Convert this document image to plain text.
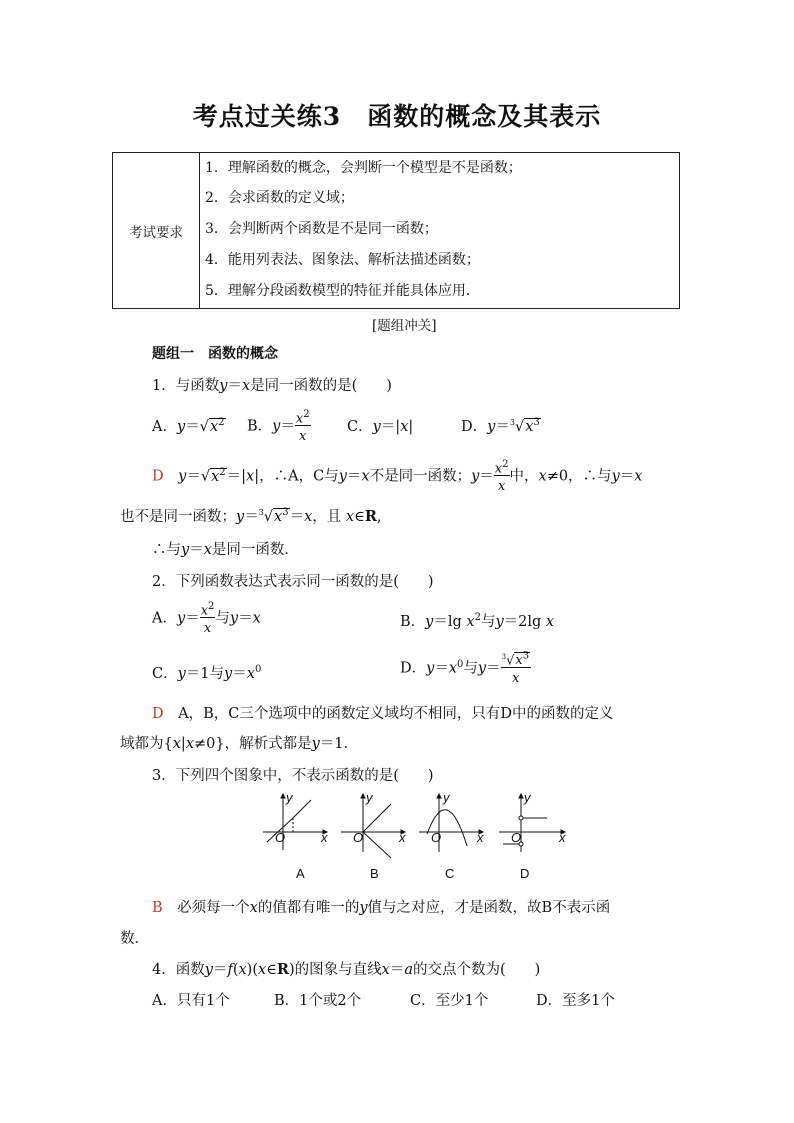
考点过关练3　函数的概念及其表示
考试要求
1．理解函数的概念，会判断一个模型是不是函数；
2．会求函数的定义域；
3．会判断两个函数是不是同一函数；
4．能用列表法、图象法、解析法描述函数；
5．理解分段函数模型的特征并能具体应用．
[题组冲关]
题组一　函数的概念
1．与函数y＝x是同一函数的是(　　)
A．$y=√x^2$ B．$y= \frac{x^2}{x}$	C．y＝|x|	D．$y=^3√x^3$
D　 $y=√x^2=|x|$，∴A，C与y＝x不是同一函数；$y= \frac{x^2}{x}$ 中，x≠0，∴与y＝x
也不是同一函数；$y=^3√x^3=x$，且 x∈R,
∴与y＝x是同一函数．
2．下列函数表达式表示同一函数的是(　　)
A．$y= \frac{x^2}{x}$ 与y＝x	B．y＝lg $x^2$与y＝2lg x
C．y＝1与$y=x^0$	D．$y=x^0$与$y= \frac{^3√x^3}{x}$
D　 A，B，C三个选项中的函数定义域均不相同，只有D中的函数的定义
域都为{x|x≠0}，解析式都是y＝1.
3．下列四个图象中，不表示函数的是(　　)
y
x
O
y
x
O
y
x
O
y
x
O
A	B	C	D
B　 必须每一个x的值都有唯一的y值与之对应，才是函数，故B不表示函
数．
4．函数y＝f(x)(x∈R)的图象与直线x＝a的交点个数为(　　)
A．只有1个	B．1个或2个	C．至少1个	D．至多1个
